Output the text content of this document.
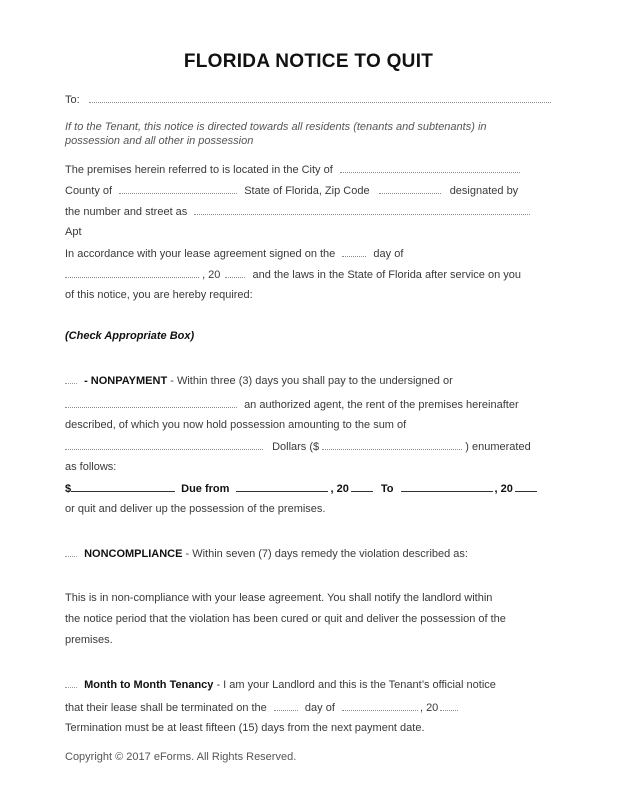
FLORIDA NOTICE TO QUIT
To:
If to the Tenant, this notice is directed towards all residents (tenants and subtenants) in
possession and all other in possession
The premises herein referred to is located in the City of
County of	State of Florida, Zip Code	designated by
the number and street as
Apt
In accordance with your lease agreement signed on the	day of
, 20	and the laws in the State of Florida after service on you
of this notice, you are hereby required:
(Check Appropriate Box)
- NONPAYMENT - Within three (3) days you shall pay to the undersigned or
an authorized agent, the rent of the premises hereinafter
described, of which you now hold possession amounting to the sum of
Dollars ($	) enumerated
as follows:
$	Due from	, 20	To	, 20
or quit and deliver up the possession of the premises.
NONCOMPLIANCE - Within seven (7) days remedy the violation described as:
This is in non-compliance with your lease agreement. You shall notify the landlord within
the notice period that the violation has been cured or quit and deliver the possession of the
premises.
Month to Month Tenancy - I am your Landlord and this is the Tenant’s official notice
that their lease shall be terminated on the	day of	, 20
Termination must be at least fifteen (15) days from the next payment date.
Copyright © 2017 eForms. All Rights Reserved.
